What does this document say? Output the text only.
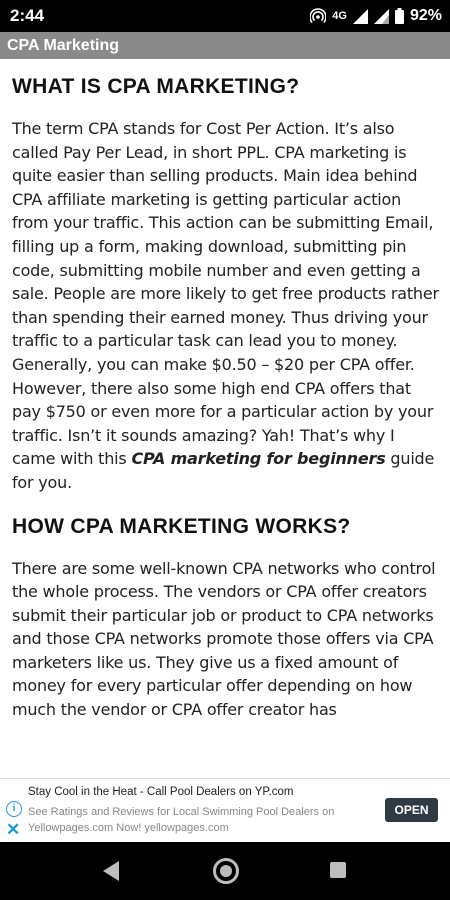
2:44	4G	92%
CPA Marketing
WHAT IS CPA MARKETING?

The term CPA stands for Cost Per Action. It’s also called Pay Per Lead, in short PPL. CPA marketing is quite easier than selling products. Main idea behind CPA affiliate marketing is getting particular action from your traffic. This action can be submitting Email, filling up a form, making download, submitting pin code, submitting mobile number and even getting a sale. People are more likely to get free products rather than spending their earned money. Thus driving your traffic to a particular task can lead you to money. Generally, you can make $0.50 – $20 per CPA offer. However, there also some high end CPA offers that pay $750 or even more for a particular action by your traffic. Isn’t it sounds amazing? Yah! That’s why I came with this CPA marketing for beginners guide for you.

HOW CPA MARKETING WORKS?

There are some well-known CPA networks who control the whole process. The vendors or CPA offer creators submit their particular job or product to CPA networks and those CPA networks promote those offers via CPA marketers like us. They give us a fixed amount of money for every particular offer depending on how much the vendor or CPA offer creator has

i
✕
Stay Cool in the Heat - Call Pool Dealers on YP.com
See Ratings and Reviews for Local Swimming Pool Dealers on Yellowpages.com Now! yellowpages.com
OPEN
